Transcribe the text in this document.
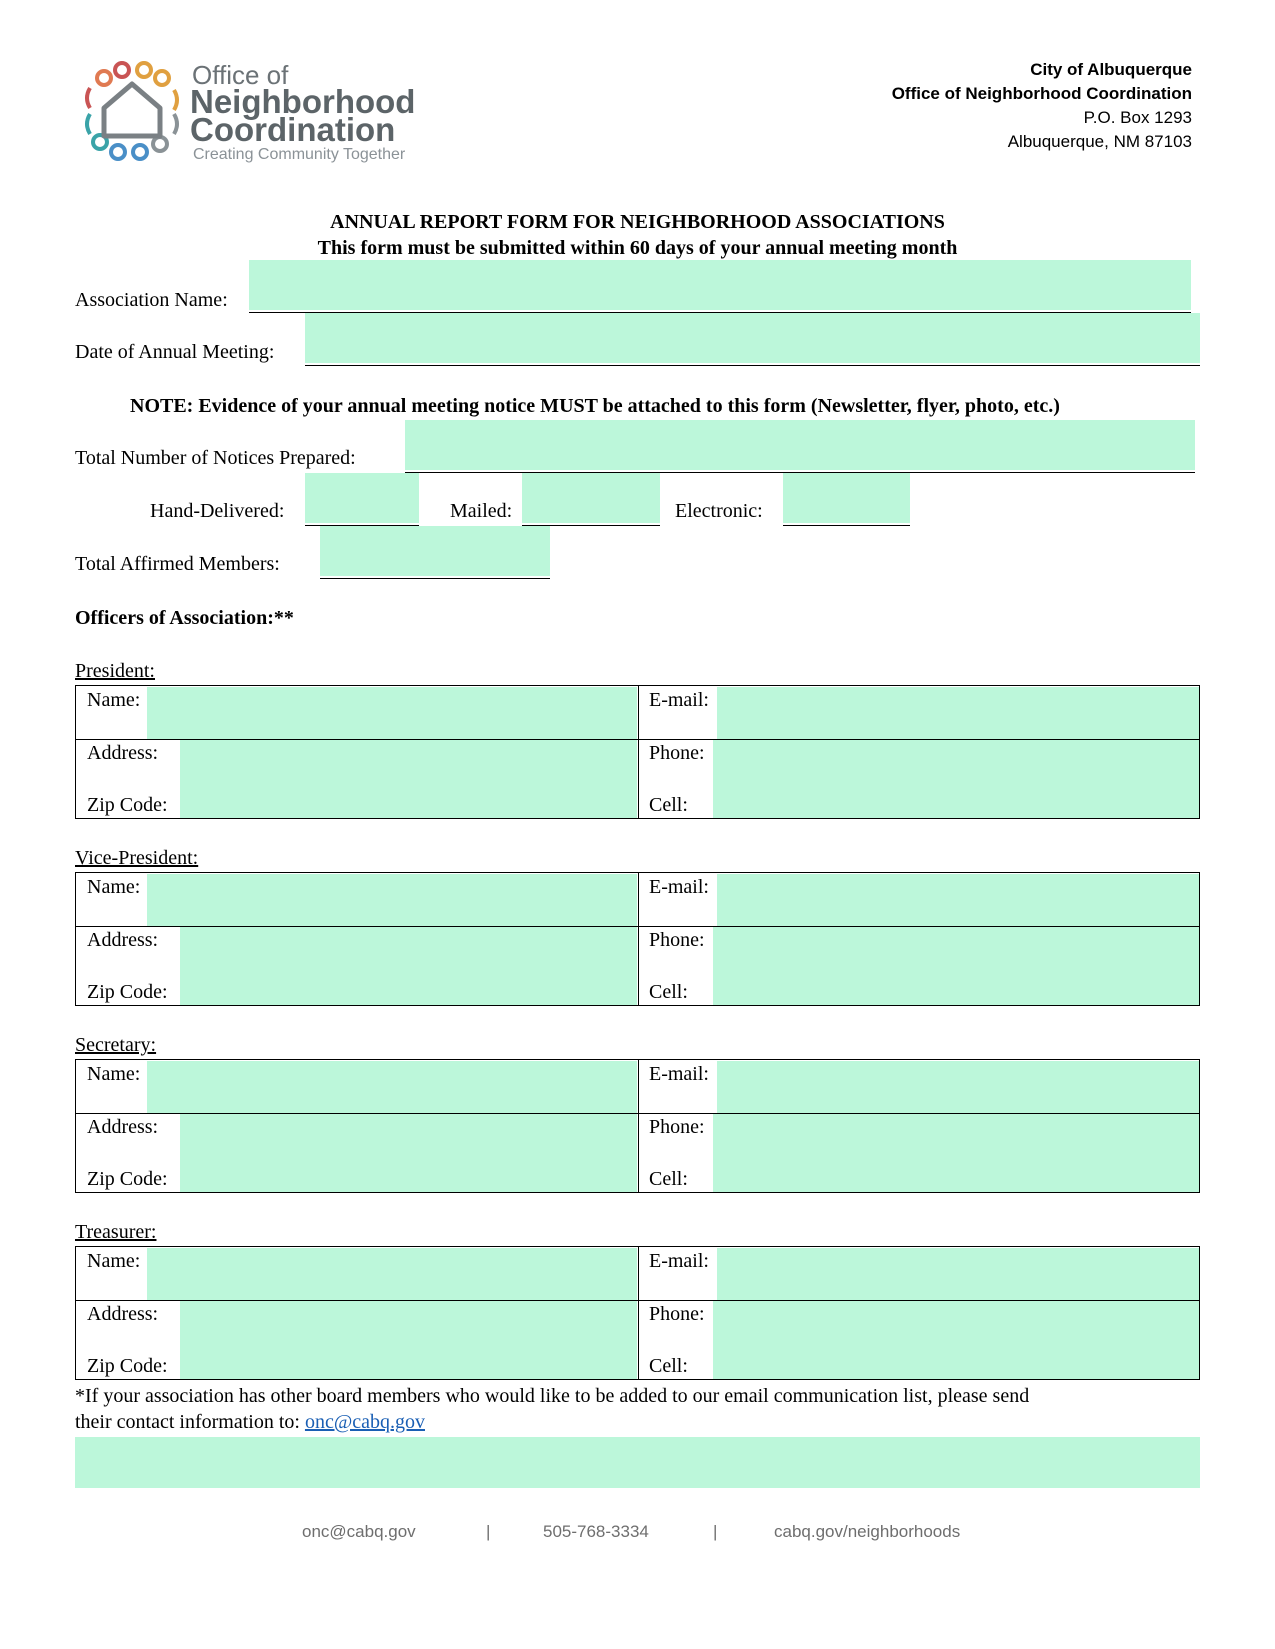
Office of
Neighborhood
Coordination
Creating Community Together
City of Albuquerque
Office of Neighborhood Coordination
P.O. Box 1293
Albuquerque, NM 87103
ANNUAL REPORT FORM FOR NEIGHBORHOOD ASSOCIATIONS
This form must be submitted within 60 days of your annual meeting month
Association Name:
Date of Annual Meeting:
NOTE: Evidence of your annual meeting notice MUST be attached to this form (Newsletter, flyer, photo, etc.)
Total Number of Notices Prepared:
Hand-Delivered:	Mailed:	Electronic:
Total Affirmed Members:
Officers of Association:**
President:
Name:	E-mail:
Address:	Phone:
Zip Code:	Cell:
Vice-President:
Name:	E-mail:
Address:	Phone:
Zip Code:	Cell:
Secretary:
Name:	E-mail:
Address:	Phone:
Zip Code:	Cell:
Treasurer:
Name:	E-mail:
Address:	Phone:
Zip Code:	Cell:
*If your association has other board members who would like to be added to our email communication list, please send
their contact information to: onc@cabq.gov
onc@cabq.gov	|	505-768-3334	|	cabq.gov/neighborhoods
